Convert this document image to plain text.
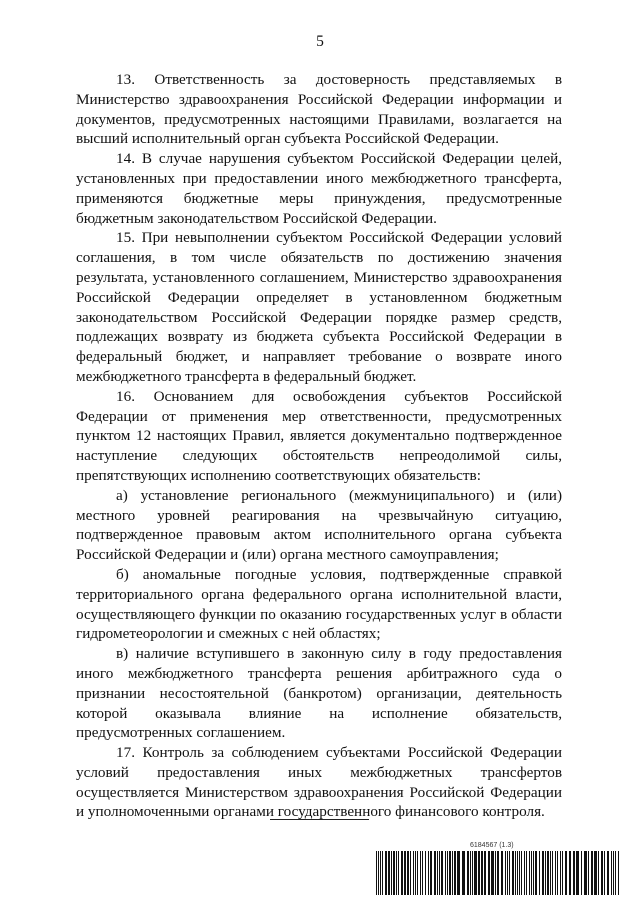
5

13. Ответственность за достоверность представляемых в Министерство здравоохранения Российской Федерации информации и документов, предусмотренных настоящими Правилами, возлагается на высший исполнительный орган субъекта Российской Федерации.

14. В случае нарушения субъектом Российской Федерации целей, установленных при предоставлении иного межбюджетного трансферта, применяются бюджетные меры принуждения, предусмотренные бюджетным законодательством Российской Федерации.

15. При невыполнении субъектом Российской Федерации условий соглашения, в том числе обязательств по достижению значения результата, установленного соглашением, Министерство здравоохранения Российской Федерации определяет в установленном бюджетным законодательством Российской Федерации порядке размер средств, подлежащих возврату из бюджета субъекта Российской Федерации в федеральный бюджет, и направляет требование о возврате иного межбюджетного трансферта в федеральный бюджет.

16. Основанием для освобождения субъектов Российской Федерации от применения мер ответственности, предусмотренных пунктом 12 настоящих Правил, является документально подтвержденное наступление следующих обстоятельств непреодолимой силы, препятствующих исполнению соответствующих обязательств:

а) установление регионального (межмуниципального) и (или) местного уровней реагирования на чрезвычайную ситуацию, подтвержденное правовым актом исполнительного органа субъекта Российской Федерации и (или) органа местного самоуправления;

б) аномальные погодные условия, подтвержденные справкой территориального органа федерального органа исполнительной власти, осуществляющего функции по оказанию государственных услуг в области гидрометеорологии и смежных с ней областях;

в) наличие вступившего в законную силу в году предоставления иного межбюджетного трансферта решения арбитражного суда о признании несостоятельной (банкротом) организации, деятельность которой оказывала влияние на исполнение обязательств, предусмотренных соглашением.

17. Контроль за соблюдением субъектами Российской Федерации условий предоставления иных межбюджетных трансфертов осуществляется Министерством здравоохранения Российской Федерации и уполномоченными органами государственного финансового контроля.

6184567 (1.3)
